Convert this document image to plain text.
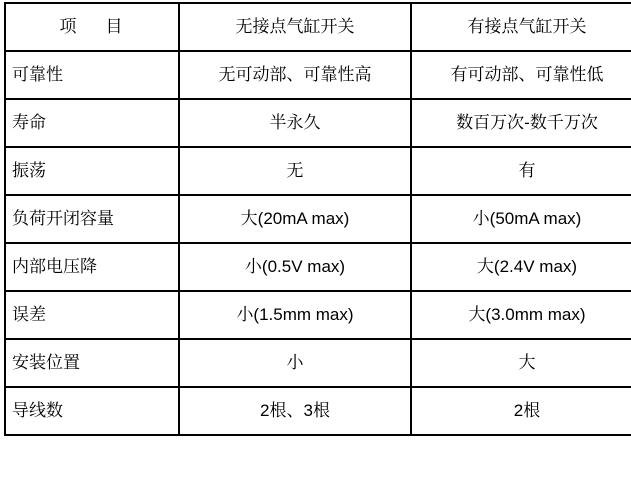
项　目	无接点气缸开关	有接点气缸开关
可靠性	无可动部、可靠性高	有可动部、可靠性低
寿命	半永久	数百万次-数千万次
振荡	无	有
负荷开闭容量	大(20mA max)	小(50mA max)
内部电压降	小(0.5V max)	大(2.4V max)
误差	小(1.5mm max)	大(3.0mm max)
安装位置	小	大
导线数	2根、3根	2根
